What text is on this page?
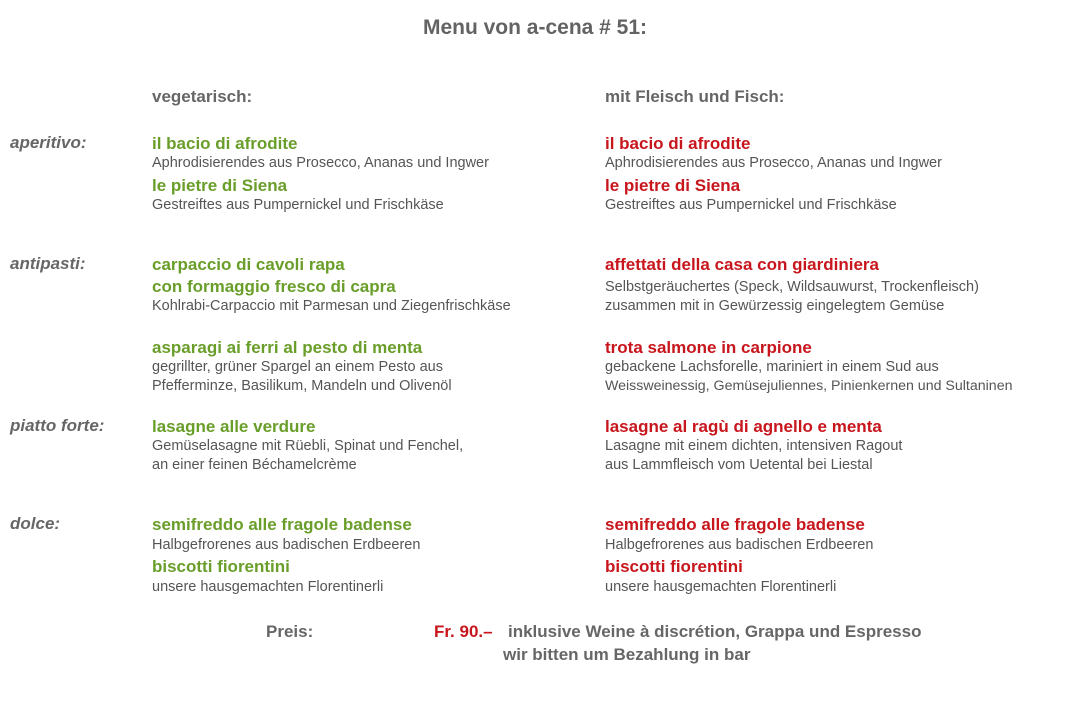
Menu von a-cena # 51:
vegetarisch:	mit Fleisch und Fisch:
aperitivo:
antipasti:
piatto forte:
dolce:
il bacio di afrodite
Aphrodisierendes aus Prosecco, Ananas und Ingwer
le pietre di Siena
Gestreiftes aus Pumpernickel und Frischkäse
carpaccio di cavoli rapa
con formaggio fresco di capra
Kohlrabi-Carpaccio mit Parmesan und Ziegenfrischkäse
asparagi ai ferri al pesto di menta
gegrillter, grüner Spargel an einem Pesto aus
Pfefferminze, Basilikum, Mandeln und Olivenöl
lasagne alle verdure
Gemüselasagne mit Rüebli, Spinat und Fenchel,
an einer feinen Béchamelcrème
semifreddo alle fragole badense
Halbgefrorenes aus badischen Erdbeeren
biscotti fiorentini
unsere hausgemachten Florentinerli
il bacio di afrodite
Aphrodisierendes aus Prosecco, Ananas und Ingwer
le pietre di Siena
Gestreiftes aus Pumpernickel und Frischkäse
affettati della casa con giardiniera
Selbstgeräuchertes (Speck, Wildsauwurst, Trockenfleisch)
zusammen mit in Gewürzessig eingelegtem Gemüse
trota salmone in carpione
gebackene Lachsforelle, mariniert in einem Sud aus
Weissweinessig, Gemüsejuliennes, Pinienkernen und Sultaninen
lasagne al ragù di agnello e menta
Lasagne mit einem dichten, intensiven Ragout
aus Lammfleisch vom Uetental bei Liestal
semifreddo alle fragole badense
Halbgefrorenes aus badischen Erdbeeren
biscotti fiorentini
unsere hausgemachten Florentinerli
Preis:	Fr. 90.– inklusive Weine à discrétion, Grappa und Espresso
wir bitten um Bezahlung in bar
